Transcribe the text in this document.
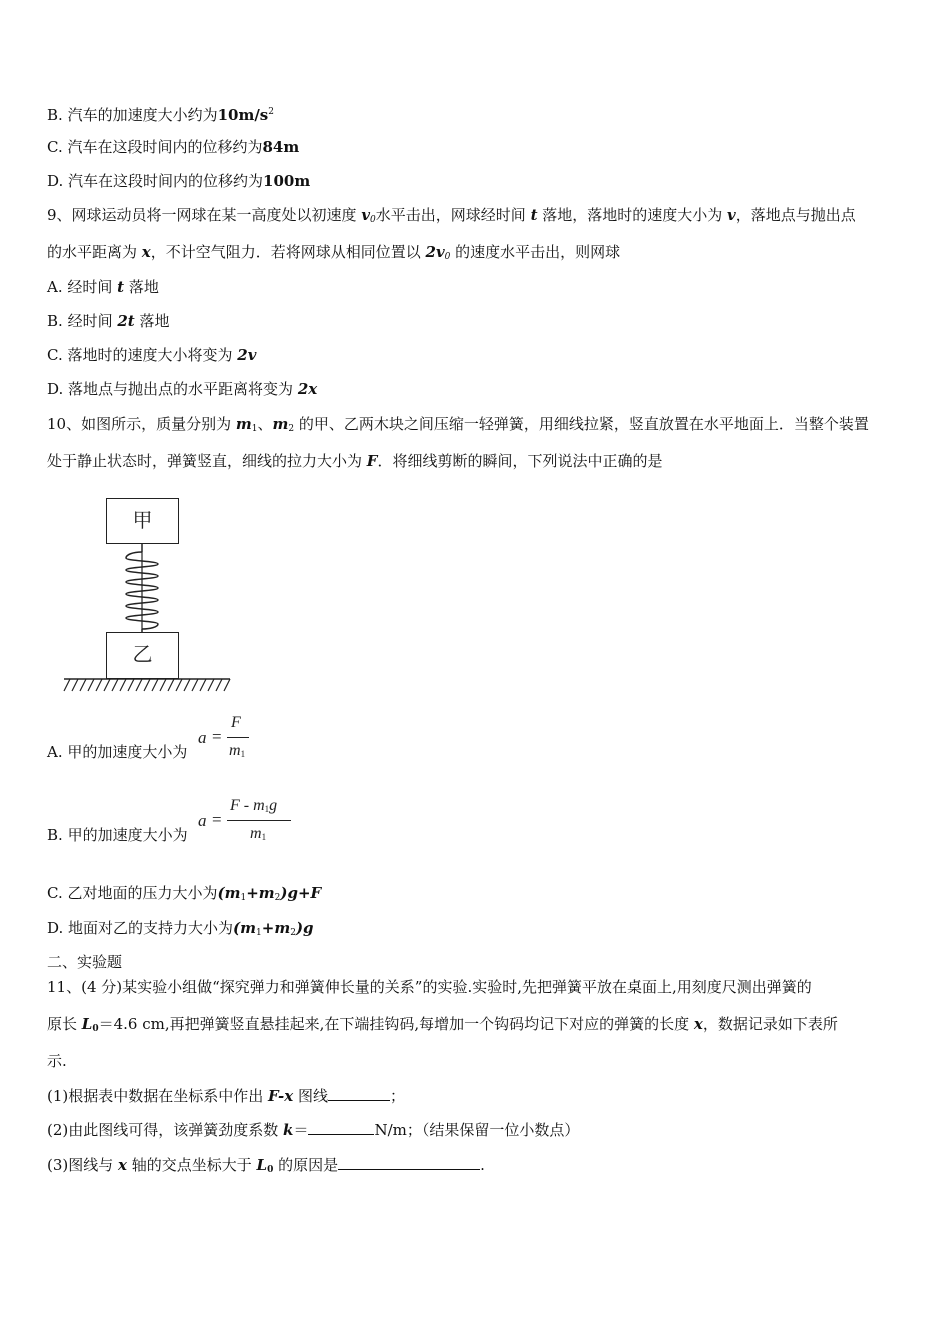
B. 汽车的加速度大小约为$10m/s^2$
C. 汽车在这段时间内的位移约为84m
D. 汽车在这段时间内的位移约为100m
9、网球运动员将一网球在某一高度处以初速度 $v_0$水平击出，网球经时间 t 落地，落地时的速度大小为 v，落地点与抛出点
的水平距离为 x，不计空气阻力．若将网球从相同位置以 $2v_0$ 的速度水平击出，则网球
A. 经时间 t 落地
B. 经时间 2t 落地
C. 落地时的速度大小将变为 2v
D. 落地点与抛出点的水平距离将变为 2x
10、如图所示，质量分别为 $m_1$、$m_2$ 的甲、乙两木块之间压缩一轻弹簧，用细线拉紧，竖直放置在水平地面上．当整个装置
处于静止状态时，弹簧竖直，细线的拉力大小为 F．将细线剪断的瞬间，下列说法中正确的是
甲
乙
A. 甲的加速度大小为
a =
F
$m_1$
B. 甲的加速度大小为
a =
F - $m_1g$
$m_1$
C. 乙对地面的压力大小为$(m_1+m_2)g+F$
D. 地面对乙的支持力大小为$(m_1+m_2)g$
二、实验题
11、(4 分)某实验小组做“探究弹力和弹簧伸长量的关系”的实验.实验时,先把弹簧平放在桌面上,用刻度尺测出弹簧的
原长 $L_0=4.6$ cm,再把弹簧竖直悬挂起来,在下端挂钩码,每增加一个钩码均记下对应的弹簧的长度 x，数据记录如下表所
示.
(1)根据表中数据在坐标系中作出 F-x 图线	；
(2)由此图线可得，该弹簧劲度系数 k＝	N/m；（结果保留一位小数点）
(3)图线与 x 轴的交点坐标大于 $L_0$ 的原因是	.
